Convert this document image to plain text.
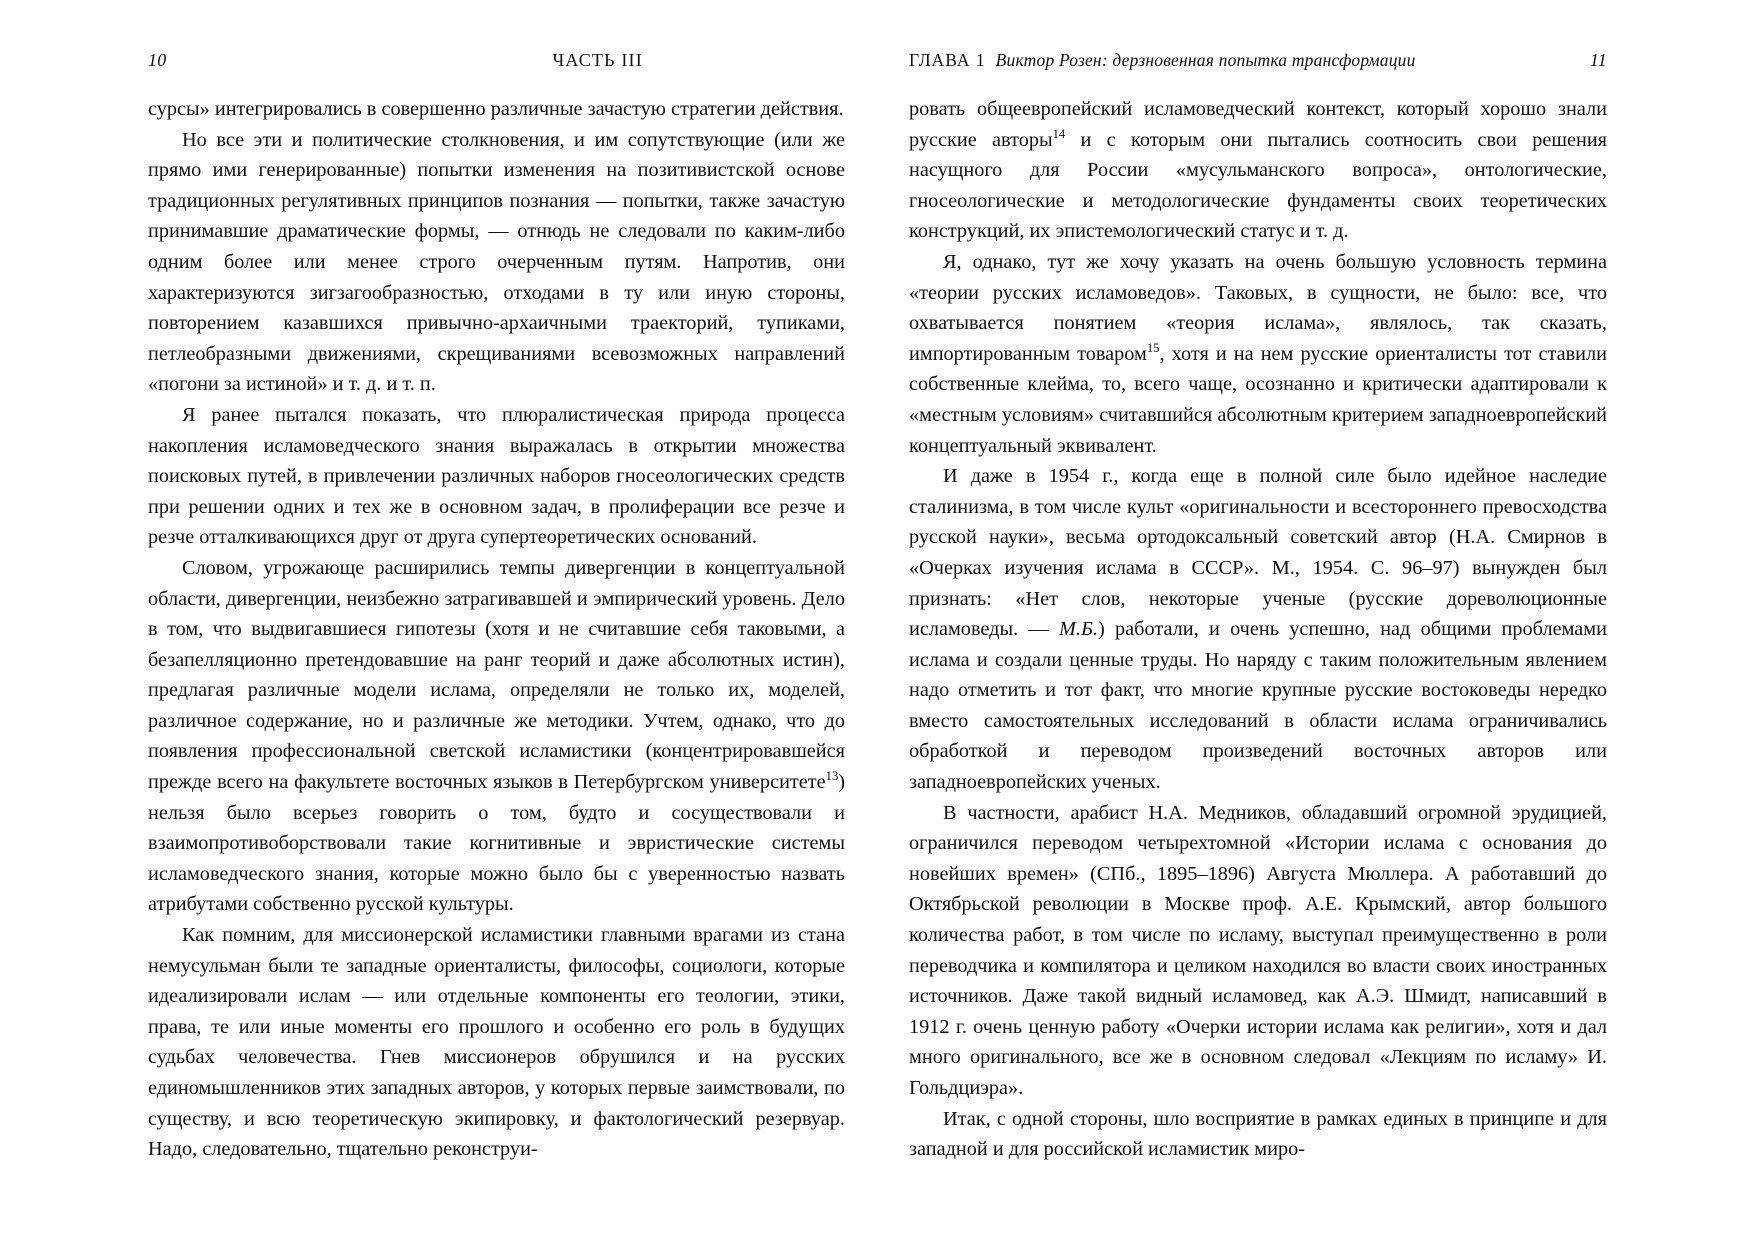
10	ЧАСТЬ III

сурсы» интегрировались в совершенно различные зачастую стратегии действия.

Но все эти и политические столкновения, и им сопутствующие (или же прямо ими генерированные) попытки изменения на позитивистской основе традиционных регулятивных принципов познания — попытки, также зачастую принимавшие драматические формы, — отнюдь не следовали по каким-либо одним более или менее строго очерченным путям. Напротив, они характеризуются зигзагообразностью, отходами в ту или иную стороны, повторением казавшихся привычно-архаичными траекторий, тупиками, петлеобразными движениями, скрещиваниями всевозможных направлений «погони за истиной» и т. д. и т. п.

Я ранее пытался показать, что плюралистическая природа процесса накопления исламоведческого знания выражалась в открытии множества поисковых путей, в привлечении различных наборов гносеологических средств при решении одних и тех же в основном задач, в пролиферации все резче и резче отталкивающихся друг от друга супертеоретических оснований.

Словом, угрожающе расширились темпы дивергенции в концептуальной области, дивергенции, неизбежно затрагивавшей и эмпирический уровень. Дело в том, что выдвигавшиеся гипотезы (хотя и не считавшие себя таковыми, а безапелляционно претендовавшие на ранг теорий и даже абсолютных истин), предлагая различные модели ислама, определяли не только их, моделей, различное содержание, но и различные же методики. Учтем, однако, что до появления профессиональной светской исламистики (концентрировавшейся прежде всего на факультете восточных языков в Петербургском университете$^{13}$) нельзя было всерьез говорить о том, будто и сосуществовали и взаимопротивоборствовали такие когнитивные и эвристические системы исламоведческого знания, которые можно было бы с уверенностью назвать атрибутами собственно русской культуры.

Как помним, для миссионерской исламистики главными врагами из стана немусульман были те западные ориенталисты, философы, социологи, которые идеализировали ислам — или отдельные компоненты его теологии, этики, права, те или иные моменты его прошлого и особенно его роль в будущих судьбах человечества. Гнев миссионеров обрушился и на русских единомышленников этих западных авторов, у которых первые заимствовали, по существу, и всю теоретическую экипировку, и фактологический резервуар. Надо, следовательно, тщательно реконструи-

ГЛАВА 1 Виктор Розен: дерзновенная попытка трансформации	11

ровать общеевропейский исламоведческий контекст, который хорошо знали русские авторы$^{14}$ и с которым они пытались соотносить свои решения насущного для России «мусульманского вопроса», онтологические, гносеологические и методологические фундаменты своих теоретических конструкций, их эпистемологический статус и т. д.

Я, однако, тут же хочу указать на очень большую условность термина «теории русских исламоведов». Таковых, в сущности, не было: все, что охватывается понятием «теория ислама», являлось, так сказать, импортированным товаром$^{15}$, хотя и на нем русские ориенталисты тот ставили собственные клейма, то, всего чаще, осознанно и критически адаптировали к «местным условиям» считавшийся абсолютным критерием западноевропейский концептуальный эквивалент.

И даже в 1954 г., когда еще в полной силе было идейное наследие сталинизма, в том числе культ «оригинальности и всестороннего превосходства русской науки», весьма ортодоксальный советский автор (Н.А. Смирнов в «Очерках изучения ислама в СССР». М., 1954. С. 96–97) вынужден был признать: «Нет слов, некоторые ученые (русские дореволюционные исламоведы. — М.Б.) работали, и очень успешно, над общими проблемами ислама и создали ценные труды. Но наряду с таким положительным явлением надо отметить и тот факт, что многие крупные русские востоковеды нередко вместо самостоятельных исследований в области ислама ограничивались обработкой и переводом произведений восточных авторов или западноевропейских ученых.

В частности, арабист Н.А. Медников, обладавший огромной эрудицией, ограничился переводом четырехтомной «Истории ислама с основания до новейших времен» (СПб., 1895–1896) Августа Мюллера. А работавший до Октябрьской революции в Москве проф. А.Е. Крымский, автор большого количества работ, в том числе по исламу, выступал преимущественно в роли переводчика и компилятора и целиком находился во власти своих иностранных источников. Даже такой видный исламовед, как А.Э. Шмидт, написавший в 1912 г. очень ценную работу «Очерки истории ислама как религии», хотя и дал много оригинального, все же в основном следовал «Лекциям по исламу» И. Гольдциэра».

Итак, с одной стороны, шло восприятие в рамках единых в принципе и для западной и для российской исламистик миро-
